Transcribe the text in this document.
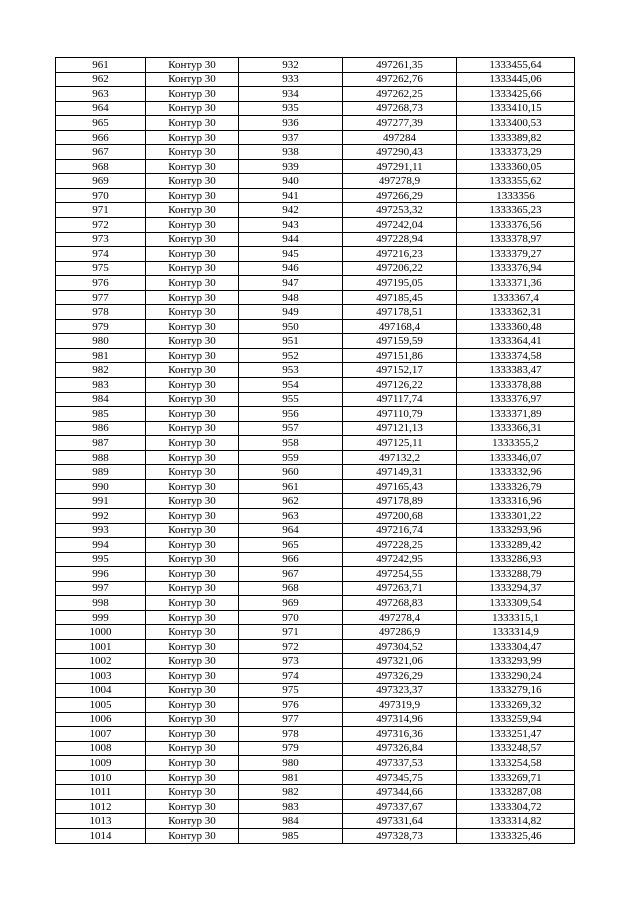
961	Контур 30	932	497261,35	1333455,64
962	Контур 30	933	497262,76	1333445,06
963	Контур 30	934	497262,25	1333425,66
964	Контур 30	935	497268,73	1333410,15
965	Контур 30	936	497277,39	1333400,53
966	Контур 30	937	497284	1333389,82
967	Контур 30	938	497290,43	1333373,29
968	Контур 30	939	497291,11	1333360,05
969	Контур 30	940	497278,9	1333355,62
970	Контур 30	941	497266,29	1333356
971	Контур 30	942	497253,32	1333365,23
972	Контур 30	943	497242,04	1333376,56
973	Контур 30	944	497228,94	1333378,97
974	Контур 30	945	497216,23	1333379,27
975	Контур 30	946	497206,22	1333376,94
976	Контур 30	947	497195,05	1333371,36
977	Контур 30	948	497185,45	1333367,4
978	Контур 30	949	497178,51	1333362,31
979	Контур 30	950	497168,4	1333360,48
980	Контур 30	951	497159,59	1333364,41
981	Контур 30	952	497151,86	1333374,58
982	Контур 30	953	497152,17	1333383,47
983	Контур 30	954	497126,22	1333378,88
984	Контур 30	955	497117,74	1333376,97
985	Контур 30	956	497110,79	1333371,89
986	Контур 30	957	497121,13	1333366,31
987	Контур 30	958	497125,11	1333355,2
988	Контур 30	959	497132,2	1333346,07
989	Контур 30	960	497149,31	1333332,96
990	Контур 30	961	497165,43	1333326,79
991	Контур 30	962	497178,89	1333316,96
992	Контур 30	963	497200,68	1333301,22
993	Контур 30	964	497216,74	1333293,96
994	Контур 30	965	497228,25	1333289,42
995	Контур 30	966	497242,95	1333286,93
996	Контур 30	967	497254,55	1333288,79
997	Контур 30	968	497263,71	1333294,37
998	Контур 30	969	497268,83	1333309,54
999	Контур 30	970	497278,4	1333315,1
1000	Контур 30	971	497286,9	1333314,9
1001	Контур 30	972	497304,52	1333304,47
1002	Контур 30	973	497321,06	1333293,99
1003	Контур 30	974	497326,29	1333290,24
1004	Контур 30	975	497323,37	1333279,16
1005	Контур 30	976	497319,9	1333269,32
1006	Контур 30	977	497314,96	1333259,94
1007	Контур 30	978	497316,36	1333251,47
1008	Контур 30	979	497326,84	1333248,57
1009	Контур 30	980	497337,53	1333254,58
1010	Контур 30	981	497345,75	1333269,71
1011	Контур 30	982	497344,66	1333287,08
1012	Контур 30	983	497337,67	1333304,72
1013	Контур 30	984	497331,64	1333314,82
1014	Контур 30	985	497328,73	1333325,46
